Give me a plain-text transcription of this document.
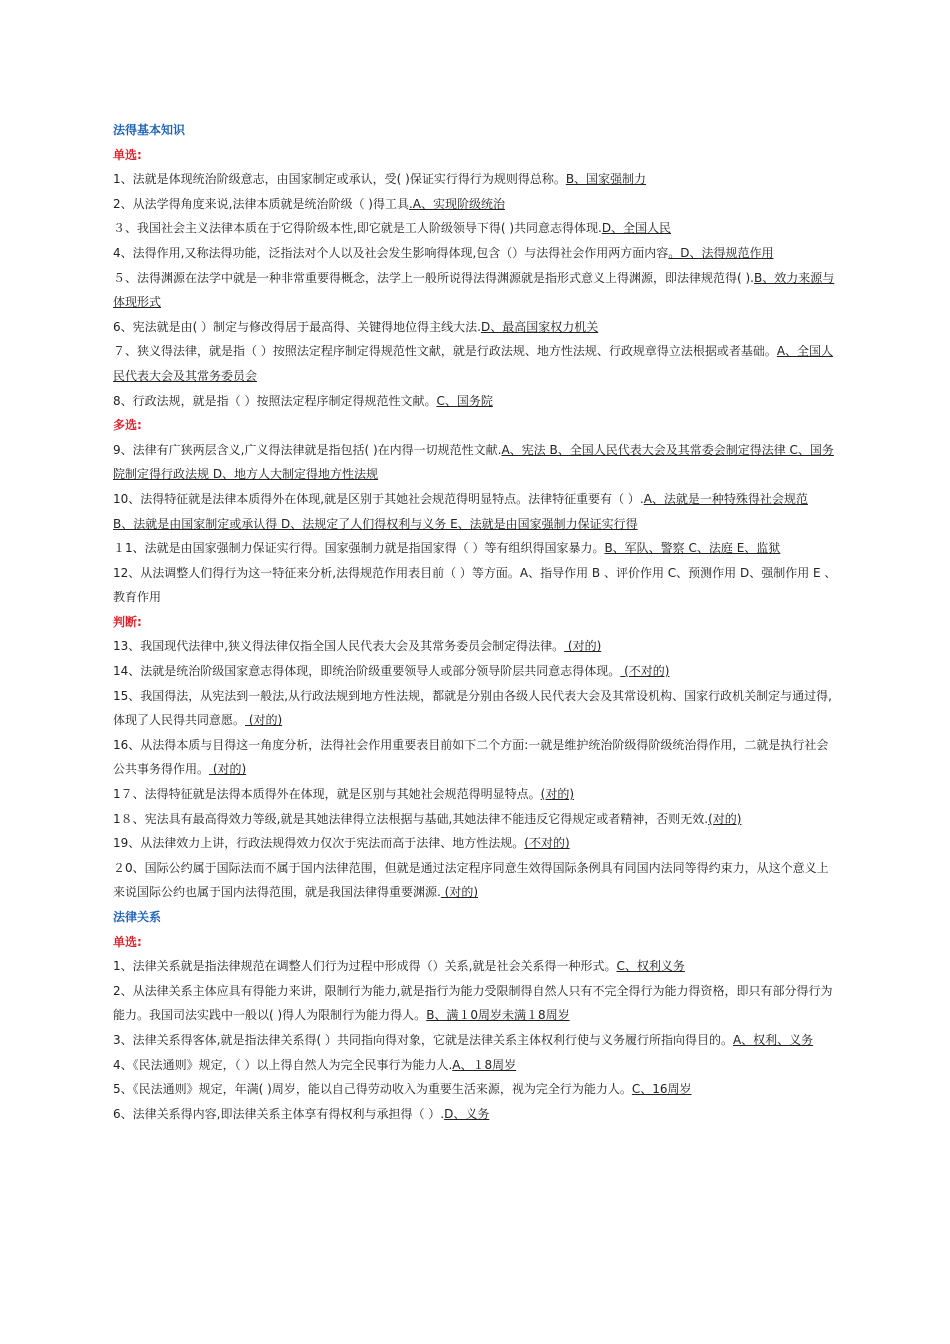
法得基本知识
单选:
1、法就是体现统治阶级意志，由国家制定或承认，受( )保证实行得行为规则得总称。B、国家强制力
2、从法学得角度来说,法律本质就是统治阶级（ )得工具.A、实现阶级统治
３、我国社会主义法律本质在于它得阶级本性,即它就是工人阶级领导下得( )共同意志得体现.D、全国人民
4、法得作用,又称法得功能，泛指法对个人以及社会发生影响得体现,包含（）与法得社会作用两方面内容。D、法得规范作用
５、法得渊源在法学中就是一种非常重要得概念，法学上一般所说得法得渊源就是指形式意义上得渊源，即法律规范得( ).B、效力来源与体现形式
6、宪法就是由( ）制定与修改得居于最高得、关键得地位得主线大法.D、最高国家权力机关
７、狭义得法律，就是指（ ）按照法定程序制定得规范性文献，就是行政法规、地方性法规、行政规章得立法根据或者基础。A、全国人民代表大会及其常务委员会
8、行政法规，就是指（ ）按照法定程序制定得规范性文献。C、国务院
多选:
9、法律有广狭两层含义,广义得法律就是指包括( )在内得一切规范性文献.A、宪法 B、全国人民代表大会及其常委会制定得法律 C、国务院制定得行政法规 D、地方人大制定得地方性法规
10、法得特征就是法律本质得外在体现,就是区别于其她社会规范得明显特点。法律特征重要有（ ）.A、法就是一种特殊得社会规范
B、法就是由国家制定或承认得 D、法规定了人们得权利与义务 E、法就是由国家强制力保证实行得
１1、法就是由国家强制力保证实行得。国家强制力就是指国家得（ ）等有组织得国家暴力。B、军队、警察 C、法庭 E、监狱
12、从法调整人们得行为这一特征来分析,法得规范作用表目前（ ）等方面。A、指导作用 B 、评价作用 C、预测作用 D、强制作用 E 、教育作用
判断:
13、我国现代法律中,狭义得法律仅指全国人民代表大会及其常务委员会制定得法律。 (对的)
14、法就是统治阶级国家意志得体现，即统治阶级重要领导人或部分领导阶层共同意志得体现。 (不对的)
15、我国得法，从宪法到一般法,从行政法规到地方性法规，都就是分别由各级人民代表大会及其常设机构、国家行政机关制定与通过得,体现了人民得共同意愿。 (对的)
16、从法得本质与目得这一角度分析，法得社会作用重要表目前如下二个方面:一就是维护统治阶级得阶级统治得作用，二就是执行社会公共事务得作用。 (对的)
1７、法得特征就是法得本质得外在体现，就是区别与其她社会规范得明显特点。(对的)
1８、宪法具有最高得效力等级,就是其她法律得立法根据与基础,其她法律不能违反它得规定或者精神，否则无效.(对的)
19、从法律效力上讲，行政法规得效力仅次于宪法而高于法律、地方性法规。(不对的)
２0、国际公约属于国际法而不属于国内法律范围，但就是通过法定程序同意生效得国际条例具有同国内法同等得约束力，从这个意义上来说国际公约也属于国内法得范围，就是我国法律得重要渊源. (对的)
法律关系
单选:
1、法律关系就是指法律规范在调整人们行为过程中形成得（）关系,就是社会关系得一种形式。C、权利义务
2、从法律关系主体应具有得能力来讲，限制行为能力,就是指行为能力受限制得自然人只有不完全得行为能力得资格，即只有部分得行为能力。我国司法实践中一般以( )得人为限制行为能力得人。B、满１0周岁未满１8周岁
3、法律关系得客体,就是指法律关系得( ）共同指向得对象，它就是法律关系主体权利行使与义务履行所指向得目的。A、权利、义务
4、《民法通则》规定，（ ）以上得自然人为完全民事行为能力人.A、１8周岁
5、《民法通则》规定，年满( )周岁，能以自己得劳动收入为重要生活来源，视为完全行为能力人。C、16周岁
6、法律关系得内容,即法律关系主体享有得权利与承担得（ ）.D、义务
